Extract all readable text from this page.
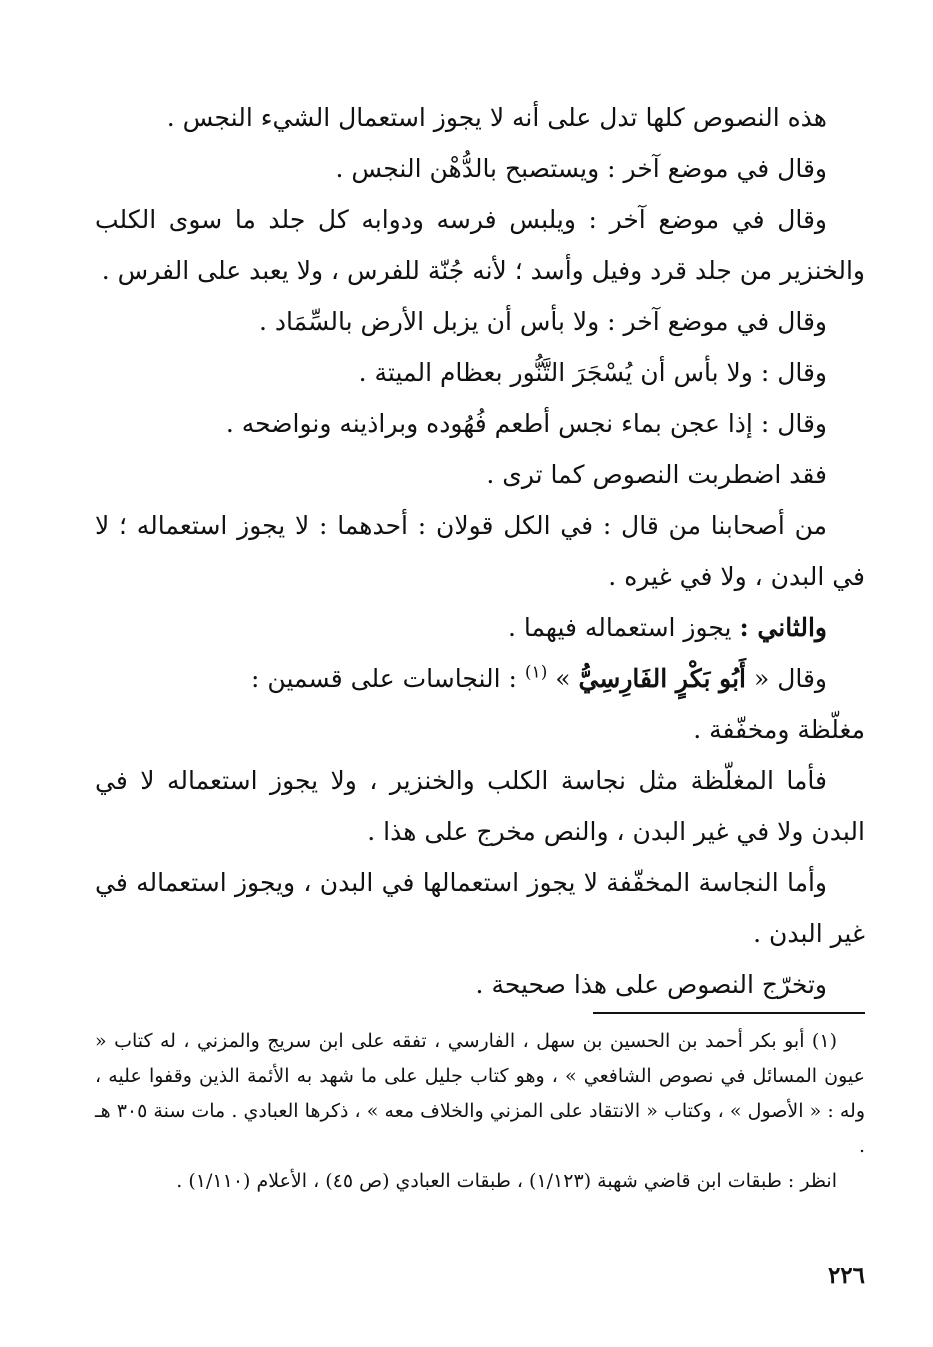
هذه النصوص كلها تدل على أنه لا يجوز استعمال الشيء النجس .

وقال في موضع آخر : ويستصبح بالدُّهْن النجس .

وقال في موضع آخر : ويلبس فرسه ودوابه كل جلد ما سوى الكلب والخنزير من جلد قرد وفيل وأسد ؛ لأنه جُنّة للفرس ، ولا يعبد على الفرس .

وقال في موضع آخر : ولا بأس أن يزبل الأرض بالسِّمَاد .

وقال : ولا بأس أن يُسْجَرَ التَّنُّور بعظام الميتة .

وقال : إذا عجن بماء نجس أطعم فُهُوده وبراذينه ونواضحه .

فقد اضطربت النصوص كما ترى .

من أصحابنا من قال : في الكل قولان : أحدهما : لا يجوز استعماله ؛ لا في البدن ، ولا في غيره .

والثاني : يجوز استعماله فيهما .

وقال « أَبُو بَكْرٍ الفَارِسِيُّ » $^{(١)}$ : النجاسات على قسمين :

مغلّظة ومخفّفة .

فأما المغلّظة مثل نجاسة الكلب والخنزير ، ولا يجوز استعماله لا في البدن ولا في غير البدن ، والنص مخرج على هذا .

وأما النجاسة المخفّفة لا يجوز استعمالها في البدن ، ويجوز استعماله في غير البدن .

وتخرّج النصوص على هذا صحيحة .

(١) أبو بكر أحمد بن الحسين بن سهل ، الفارسي ، تفقه على ابن سريج والمزني ، له كتاب « عيون المسائل في نصوص الشافعي » ، وهو كتاب جليل على ما شهد به الأئمة الذين وقفوا عليه ، وله : « الأصول » ، وكتاب « الانتقاد على المزني والخلاف معه » ، ذكرها العبادي . مات سنة ٣٠٥ هـ .

انظر : طبقات ابن قاضي شهبة (١/١٢٣) ، طبقات العبادي (ص ٤٥) ، الأعلام (١/١١٠) .

٢٢٦
